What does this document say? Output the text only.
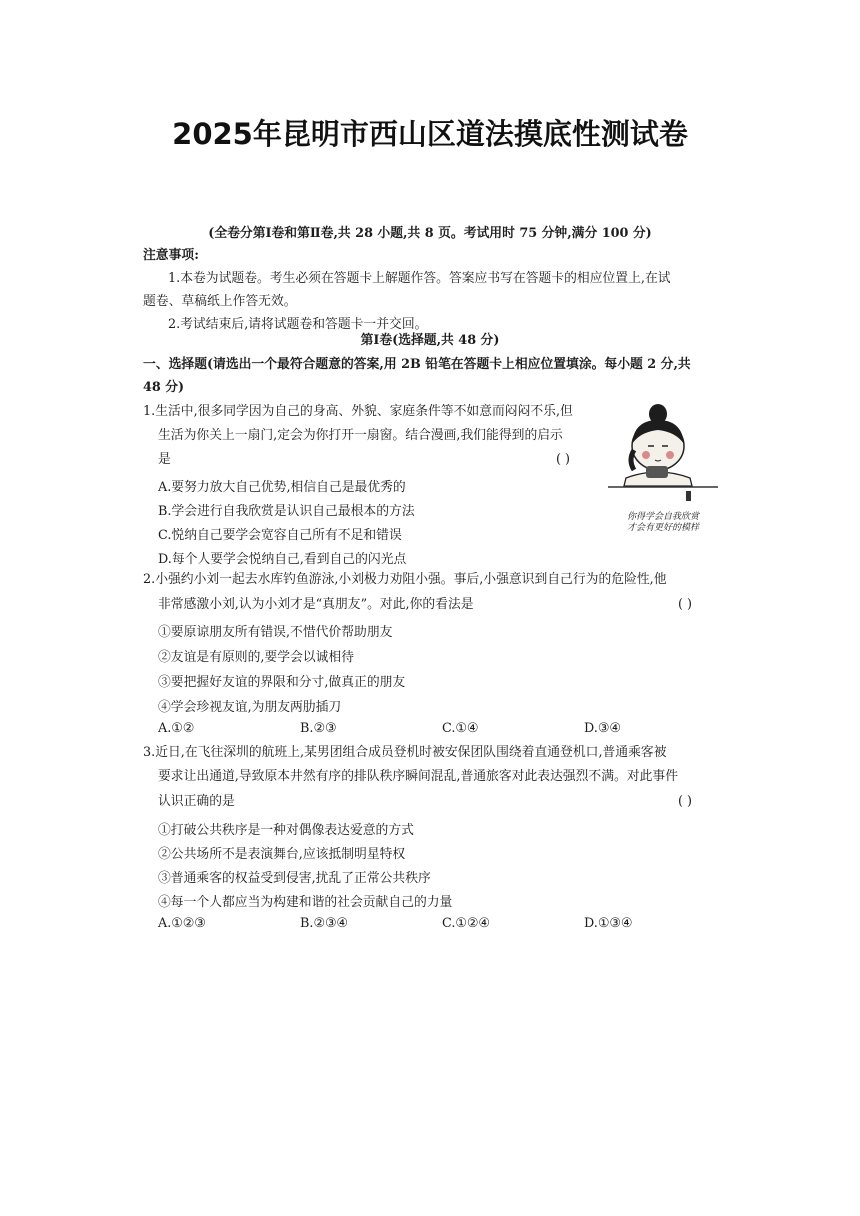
2025年昆明市西山区道法摸底性测试卷
(全卷分第Ⅰ卷和第Ⅱ卷,共 28 小题,共 8 页。考试用时 75 分钟,满分 100 分)
注意事项:
1.本卷为试题卷。考生必须在答题卡上解题作答。答案应书写在答题卡的相应位置上,在试
题卷、草稿纸上作答无效。
2.考试结束后,请将试题卷和答题卡一并交回。
第Ⅰ卷(选择题,共 48 分)
一、选择题(请选出一个最符合题意的答案,用 2B 铅笔在答题卡上相应位置填涂。每小题 2 分,共
48 分)
1.生活中,很多同学因为自己的身高、外貌、家庭条件等不如意而闷闷不乐,但
生活为你关上一扇门,定会为你打开一扇窗。结合漫画,我们能得到的启示
是	( )
A.要努力放大自己优势,相信自己是最优秀的
B.学会进行自我欣赏是认识自己最根本的方法
C.悦纳自己要学会宽容自己所有不足和错误
D.每个人要学会悦纳自己,看到自己的闪光点
你得学会自我欣赏
才会有更好的模样
2.小强约小刘一起去水库钓鱼游泳,小刘极力劝阻小强。事后,小强意识到自己行为的危险性,他
非常感激小刘,认为小刘才是“真朋友”。对此,你的看法是	( )
①要原谅朋友所有错误,不惜代价帮助朋友
②友谊是有原则的,要学会以诚相待
③要把握好友谊的界限和分寸,做真正的朋友
④学会珍视友谊,为朋友两肋插刀
A.①②	B.②③	C.①④	D.③④
3.近日,在飞往深圳的航班上,某男团组合成员登机时被安保团队围绕着直通登机口,普通乘客被
要求让出通道,导致原本井然有序的排队秩序瞬间混乱,普通旅客对此表达强烈不满。对此事件
认识正确的是	( )
①打破公共秩序是一种对偶像表达爱意的方式
②公共场所不是表演舞台,应该抵制明星特权
③普通乘客的权益受到侵害,扰乱了正常公共秩序
④每一个人都应当为构建和谐的社会贡献自己的力量
A.①②③	B.②③④	C.①②④	D.①③④
